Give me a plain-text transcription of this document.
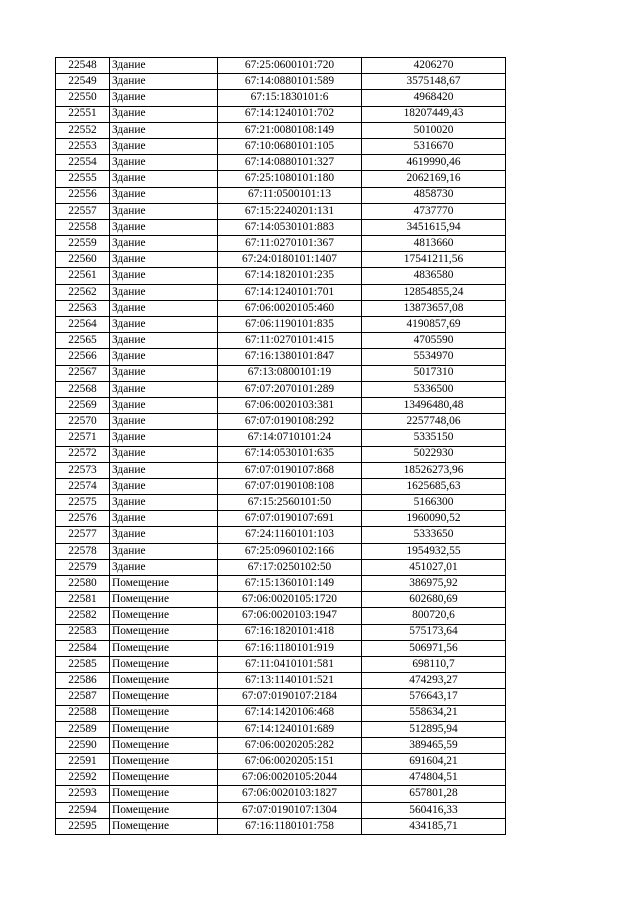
22548	Здание	67:25:0600101:720	4206270
22549	Здание	67:14:0880101:589	3575148,67
22550	Здание	67:15:1830101:6	4968420
22551	Здание	67:14:1240101:702	18207449,43
22552	Здание	67:21:0080108:149	5010020
22553	Здание	67:10:0680101:105	5316670
22554	Здание	67:14:0880101:327	4619990,46
22555	Здание	67:25:1080101:180	2062169,16
22556	Здание	67:11:0500101:13	4858730
22557	Здание	67:15:2240201:131	4737770
22558	Здание	67:14:0530101:883	3451615,94
22559	Здание	67:11:0270101:367	4813660
22560	Здание	67:24:0180101:1407	17541211,56
22561	Здание	67:14:1820101:235	4836580
22562	Здание	67:14:1240101:701	12854855,24
22563	Здание	67:06:0020105:460	13873657,08
22564	Здание	67:06:1190101:835	4190857,69
22565	Здание	67:11:0270101:415	4705590
22566	Здание	67:16:1380101:847	5534970
22567	Здание	67:13:0800101:19	5017310
22568	Здание	67:07:2070101:289	5336500
22569	Здание	67:06:0020103:381	13496480,48
22570	Здание	67:07:0190108:292	2257748,06
22571	Здание	67:14:0710101:24	5335150
22572	Здание	67:14:0530101:635	5022930
22573	Здание	67:07:0190107:868	18526273,96
22574	Здание	67:07:0190108:108	1625685,63
22575	Здание	67:15:2560101:50	5166300
22576	Здание	67:07:0190107:691	1960090,52
22577	Здание	67:24:1160101:103	5333650
22578	Здание	67:25:0960102:166	1954932,55
22579	Здание	67:17:0250102:50	451027,01
22580	Помещение	67:15:1360101:149	386975,92
22581	Помещение	67:06:0020105:1720	602680,69
22582	Помещение	67:06:0020103:1947	800720,6
22583	Помещение	67:16:1820101:418	575173,64
22584	Помещение	67:16:1180101:919	506971,56
22585	Помещение	67:11:0410101:581	698110,7
22586	Помещение	67:13:1140101:521	474293,27
22587	Помещение	67:07:0190107:2184	576643,17
22588	Помещение	67:14:1420106:468	558634,21
22589	Помещение	67:14:1240101:689	512895,94
22590	Помещение	67:06:0020205:282	389465,59
22591	Помещение	67:06:0020205:151	691604,21
22592	Помещение	67:06:0020105:2044	474804,51
22593	Помещение	67:06:0020103:1827	657801,28
22594	Помещение	67:07:0190107:1304	560416,33
22595	Помещение	67:16:1180101:758	434185,71
